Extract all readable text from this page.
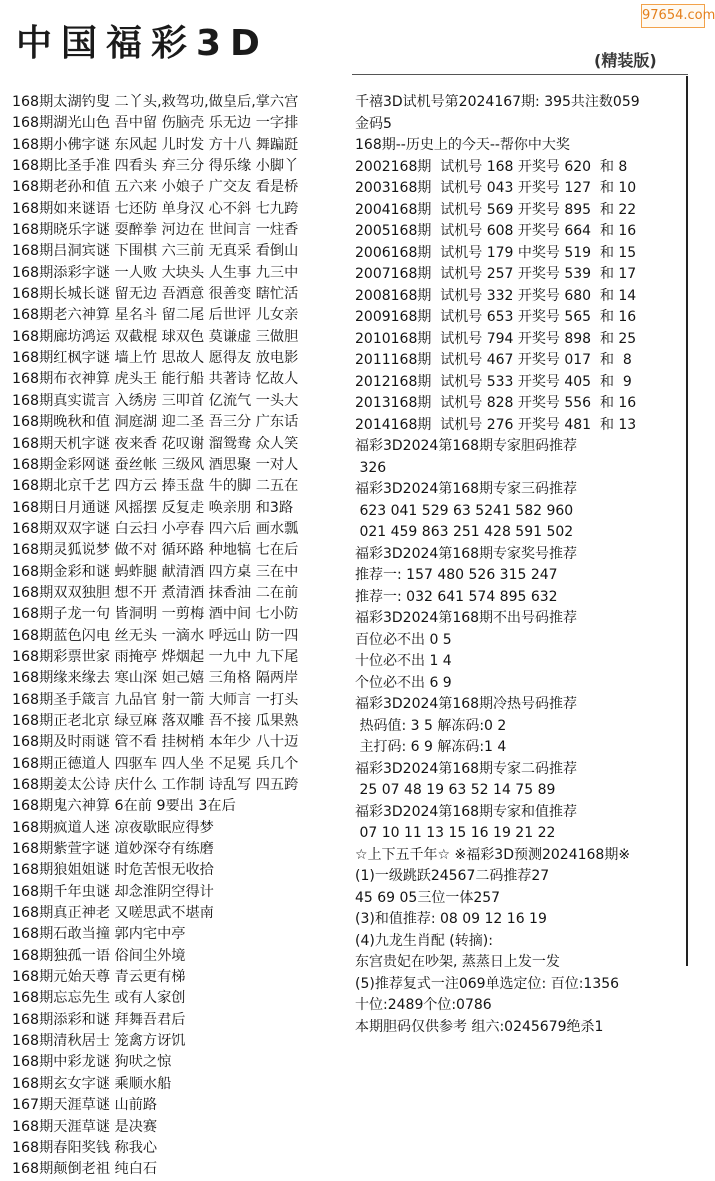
97654.com
中国福彩3D	(精装版)
168期太湖钓叟 二丫头,救驾功,做皇后,掌六宫
168期湖光山色 吾中留 伤脑壳 乐无边 一字排
168期小佛字谜 东风起 儿时发 方十八 舞蹁跹
168期比圣手准 四看头 弃三分 得乐缘 小脚丫
168期老孙和值 五六来 小娘子 广交友 看是桥
168期如来谜语 七还防 单身汉 心不斜 七九跨
168期晓乐字谜 耍醉拳 河边在 世间言 一炷香
168期吕洞宾谜 下围棋 六三前 无真采 看倒山
168期添彩字谜 一人败 大块头 人生事 九三中
168期长城长谜 留无边 吾酒意 很善变 瞎忙活
168期老六神算 星名斗 留二尾 后世评 儿女亲
168期廊坊鸿运 双截棍 球双色 莫谦虚 三做胆
168期红枫字谜 墙上竹 思故人 愿得友 放电影
168期布衣神算 虎头王 能行船 共著诗 忆故人
168期真实谎言 入绣房 三叩首 亿流气 一头大
168期晚秋和值 洞庭湖 迎二圣 吾三分 广东话
168期天机字谜 夜来香 花叹谢 溜鸳鸯 众人笑
168期金彩网谜 蚕丝帐 三级风 酒思聚 一对人
168期北京千艺 四方云 捧玉盘 牛的脚 二五在
168期日月通谜 风摇摆 反复走 唤亲朋 和3路
168期双双字谜 白云扫 小亭春 四六后 画水瓢
168期灵狐说梦 做不对 循环路 种地犒 七在后
168期金彩和谜 蚂蚱腿 献清酒 四方桌 三在中
168期双双独胆 想不开 煮清酒 抹香油 二在前
168期子龙一句 皆洞明 一剪梅 酒中间 七小防
168期蓝色闪电 丝无头 一滴水 呼远山 防一四
168期彩票世家 雨掩亭 烨烟起 一九中 九下尾
168期缘来缘去 寒山深 妲己嬉 三角格 隔两岸
168期圣手箴言 九品官 射一箭 大师言 一打头
168期正老北京 绿豆麻 落双雕 吾不接 瓜果熟
168期及时雨谜 管不看 挂树梢 本年少 八十迈
168期正德道人 四驱车 四人坐 不足冕 兵几个
168期姜太公诗 庆什么 工作制 诗乱写 四五跨
168期鬼六神算 6在前 9要出 3在后
168期疯道人迷 凉夜歇眠应得梦
168期紫萱字谜 道妙深夺有练磨
168期狼姐姐谜 时危苦恨无收拾
168期千年虫谜 却念淮阴空得计
168期真正神老 又嗟思武不堪南
168期石敢当撞 郭内宅中亭
168期独孤一语 俗间尘外境
168期元始天尊 青云更有梯
168期忘忘先生 或有人家创
168期添彩和谜 拜舞吾君后
168期清秋居士 笼禽方讶饥
168期中彩龙谜 狗吠之惊
168期玄女字谜 乘顺水船
167期天涯草谜 山前路
168期天涯草谜 是决赛
168期春阳奖钱 称我心
168期颠倒老祖 纯白石
千禧3D试机号第2024167期: 395共注数059
金码5
168期--历史上的今天--帮你中大奖
2002168期  试机号 168 开奖号 620  和 8
2003168期  试机号 043 开奖号 127  和 10
2004168期  试机号 569 开奖号 895  和 22
2005168期  试机号 608 开奖号 664  和 16
2006168期  试机号 179 中奖号 519  和 15
2007168期  试机号 257 开奖号 539  和 17
2008168期  试机号 332 开奖号 680  和 14
2009168期  试机号 653 开奖号 565  和 16
2010168期  试机号 794 开奖号 898  和 25
2011168期  试机号 467 开奖号 017  和  8
2012168期  试机号 533 开奖号 405  和  9
2013168期  试机号 828 开奖号 556  和 16
2014168期  试机号 276 开奖号 481  和 13
福彩3D2024第168期专家胆码推荐
326
福彩3D2024第168期专家三码推荐
623 041 529 63 5241 582 960
021 459 863 251 428 591 502
福彩3D2024第168期专家奖号推荐
推荐一: 157 480 526 315 247
推荐一: 032 641 574 895 632
福彩3D2024第168期不出号码推荐
百位必不出 0 5
十位必不出 1 4
个位必不出 6 9
福彩3D2024第168期冷热号码推荐
热码值: 3 5 解冻码:0 2
主打码: 6 9 解冻码:1 4
福彩3D2024第168期专家二码推荐
25 07 48 19 63 52 14 75 89
福彩3D2024第168期专家和值推荐
07 10 11 13 15 16 19 21 22
☆上下五千年☆ ※福彩3D预测2024168期※
(1)一级跳跃24567二码推荐27
45 69 05三位一体257
(3)和值推荐: 08 09 12 16 19
(4)九龙生肖配 (转摘):
东宫贵妃在吵架, 蒸蒸日上发一发
(5)推荐复式一注069单选定位: 百位:1356
十位:2489个位:0786
本期胆码仅供参考 组六:0245679绝杀1
